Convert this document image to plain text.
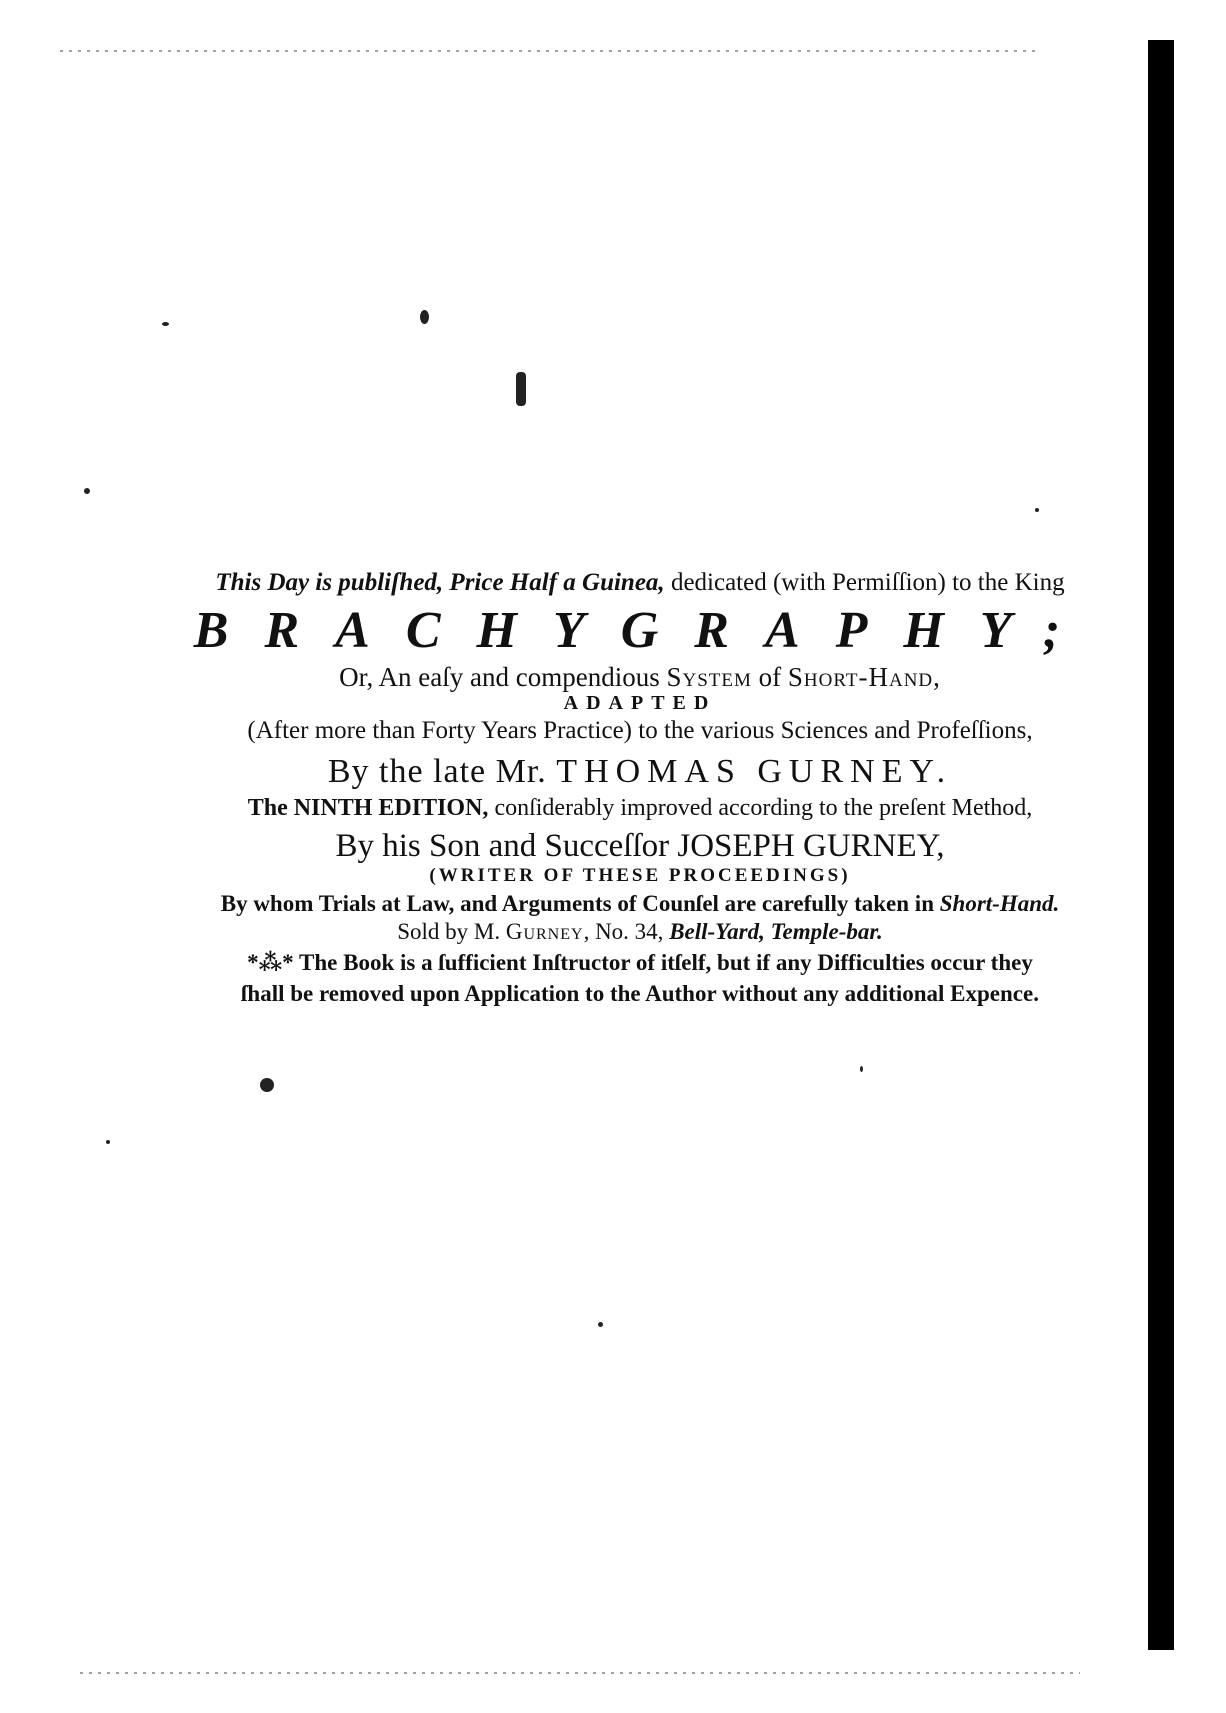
This Day is publiſhed, Price Half a Guinea, dedicated (with Permiſſion) to the King
BRACHYGRAPHY;
Or, An eaſy and compendious System of Short-Hand,
ADAPTED
(After more than Forty Years Practice) to the various Sciences and Profeſſions,
By the late Mr. THOMAS GURNEY.
The NINTH EDITION, conſiderably improved according to the preſent Method,
By his Son and Succeſſor JOSEPH GURNEY,
(WRITER OF THESE PROCEEDINGS)
By whom Trials at Law, and Arguments of Counſel are carefully taken in Short-Hand.
Sold by M. Gurney, No. 34, Bell-Yard, Temple-bar.
*⁂* The Book is a ſufficient Inſtructor of itſelf, but if any Difficulties occur they
ſhall be removed upon Application to the Author without any additional Expence.
